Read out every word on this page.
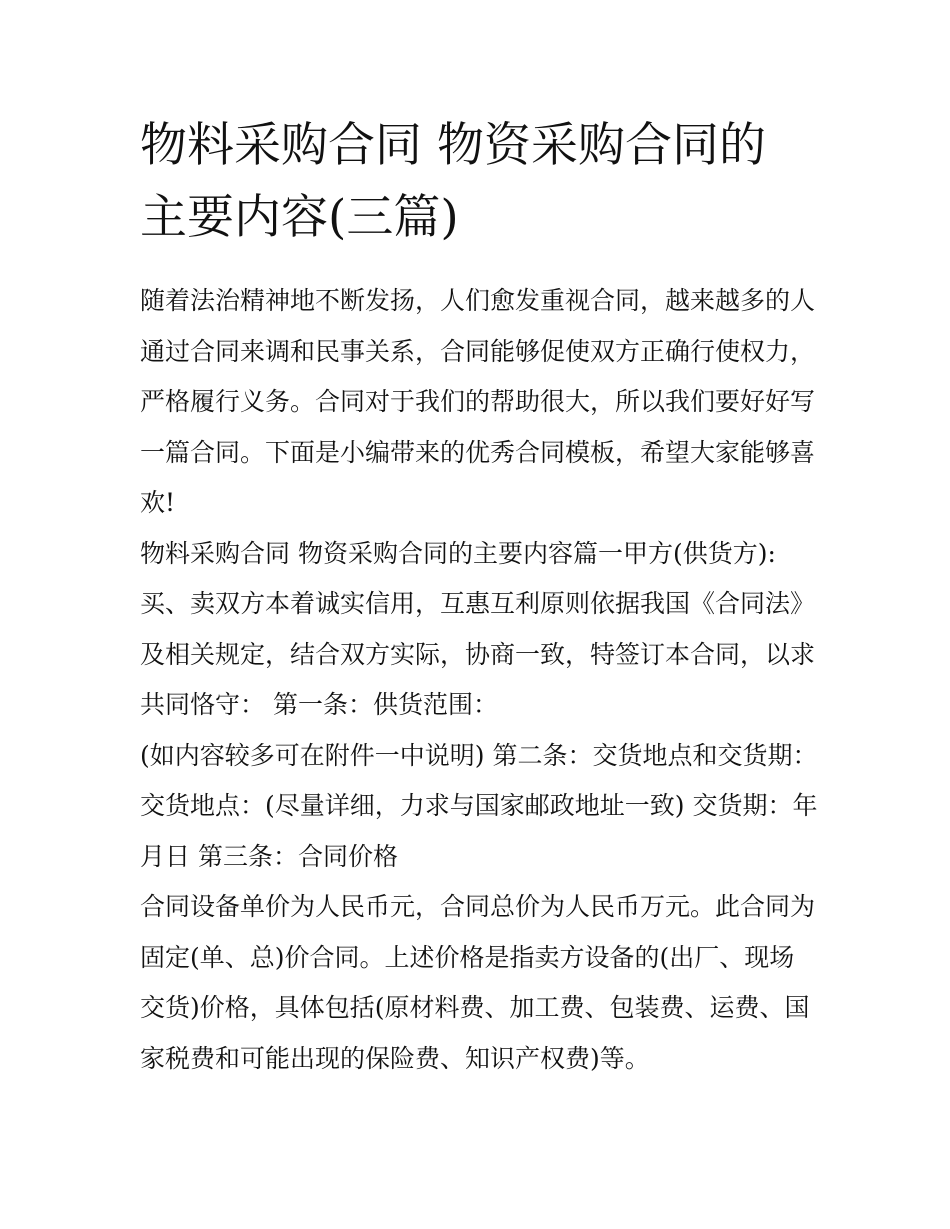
物料采购合同 物资采购合同的
主要内容(三篇)
随着法治精神地不断发扬，人们愈发重视合同，越来越多的人
通过合同来调和民事关系，合同能够促使双方正确行使权力，
严格履行义务。合同对于我们的帮助很大，所以我们要好好写
一篇合同。下面是小编带来的优秀合同模板，希望大家能够喜
欢!
物料采购合同 物资采购合同的主要内容篇一甲方(供货方):
买、卖双方本着诚实信用，互惠互利原则依据我国《合同法》
及相关规定，结合双方实际，协商一致，特签订本合同，以求
共同恪守： 第一条：供货范围：
(如内容较多可在附件一中说明) 第二条：交货地点和交货期：
交货地点：(尽量详细，力求与国家邮政地址一致) 交货期：年
月日 第三条：合同价格
合同设备单价为人民币元，合同总价为人民币万元。此合同为
固定(单、总)价合同。上述价格是指卖方设备的(出厂、现场
交货)价格，具体包括(原材料费、加工费、包装费、运费、国
家税费和可能出现的保险费、知识产权费)等。
